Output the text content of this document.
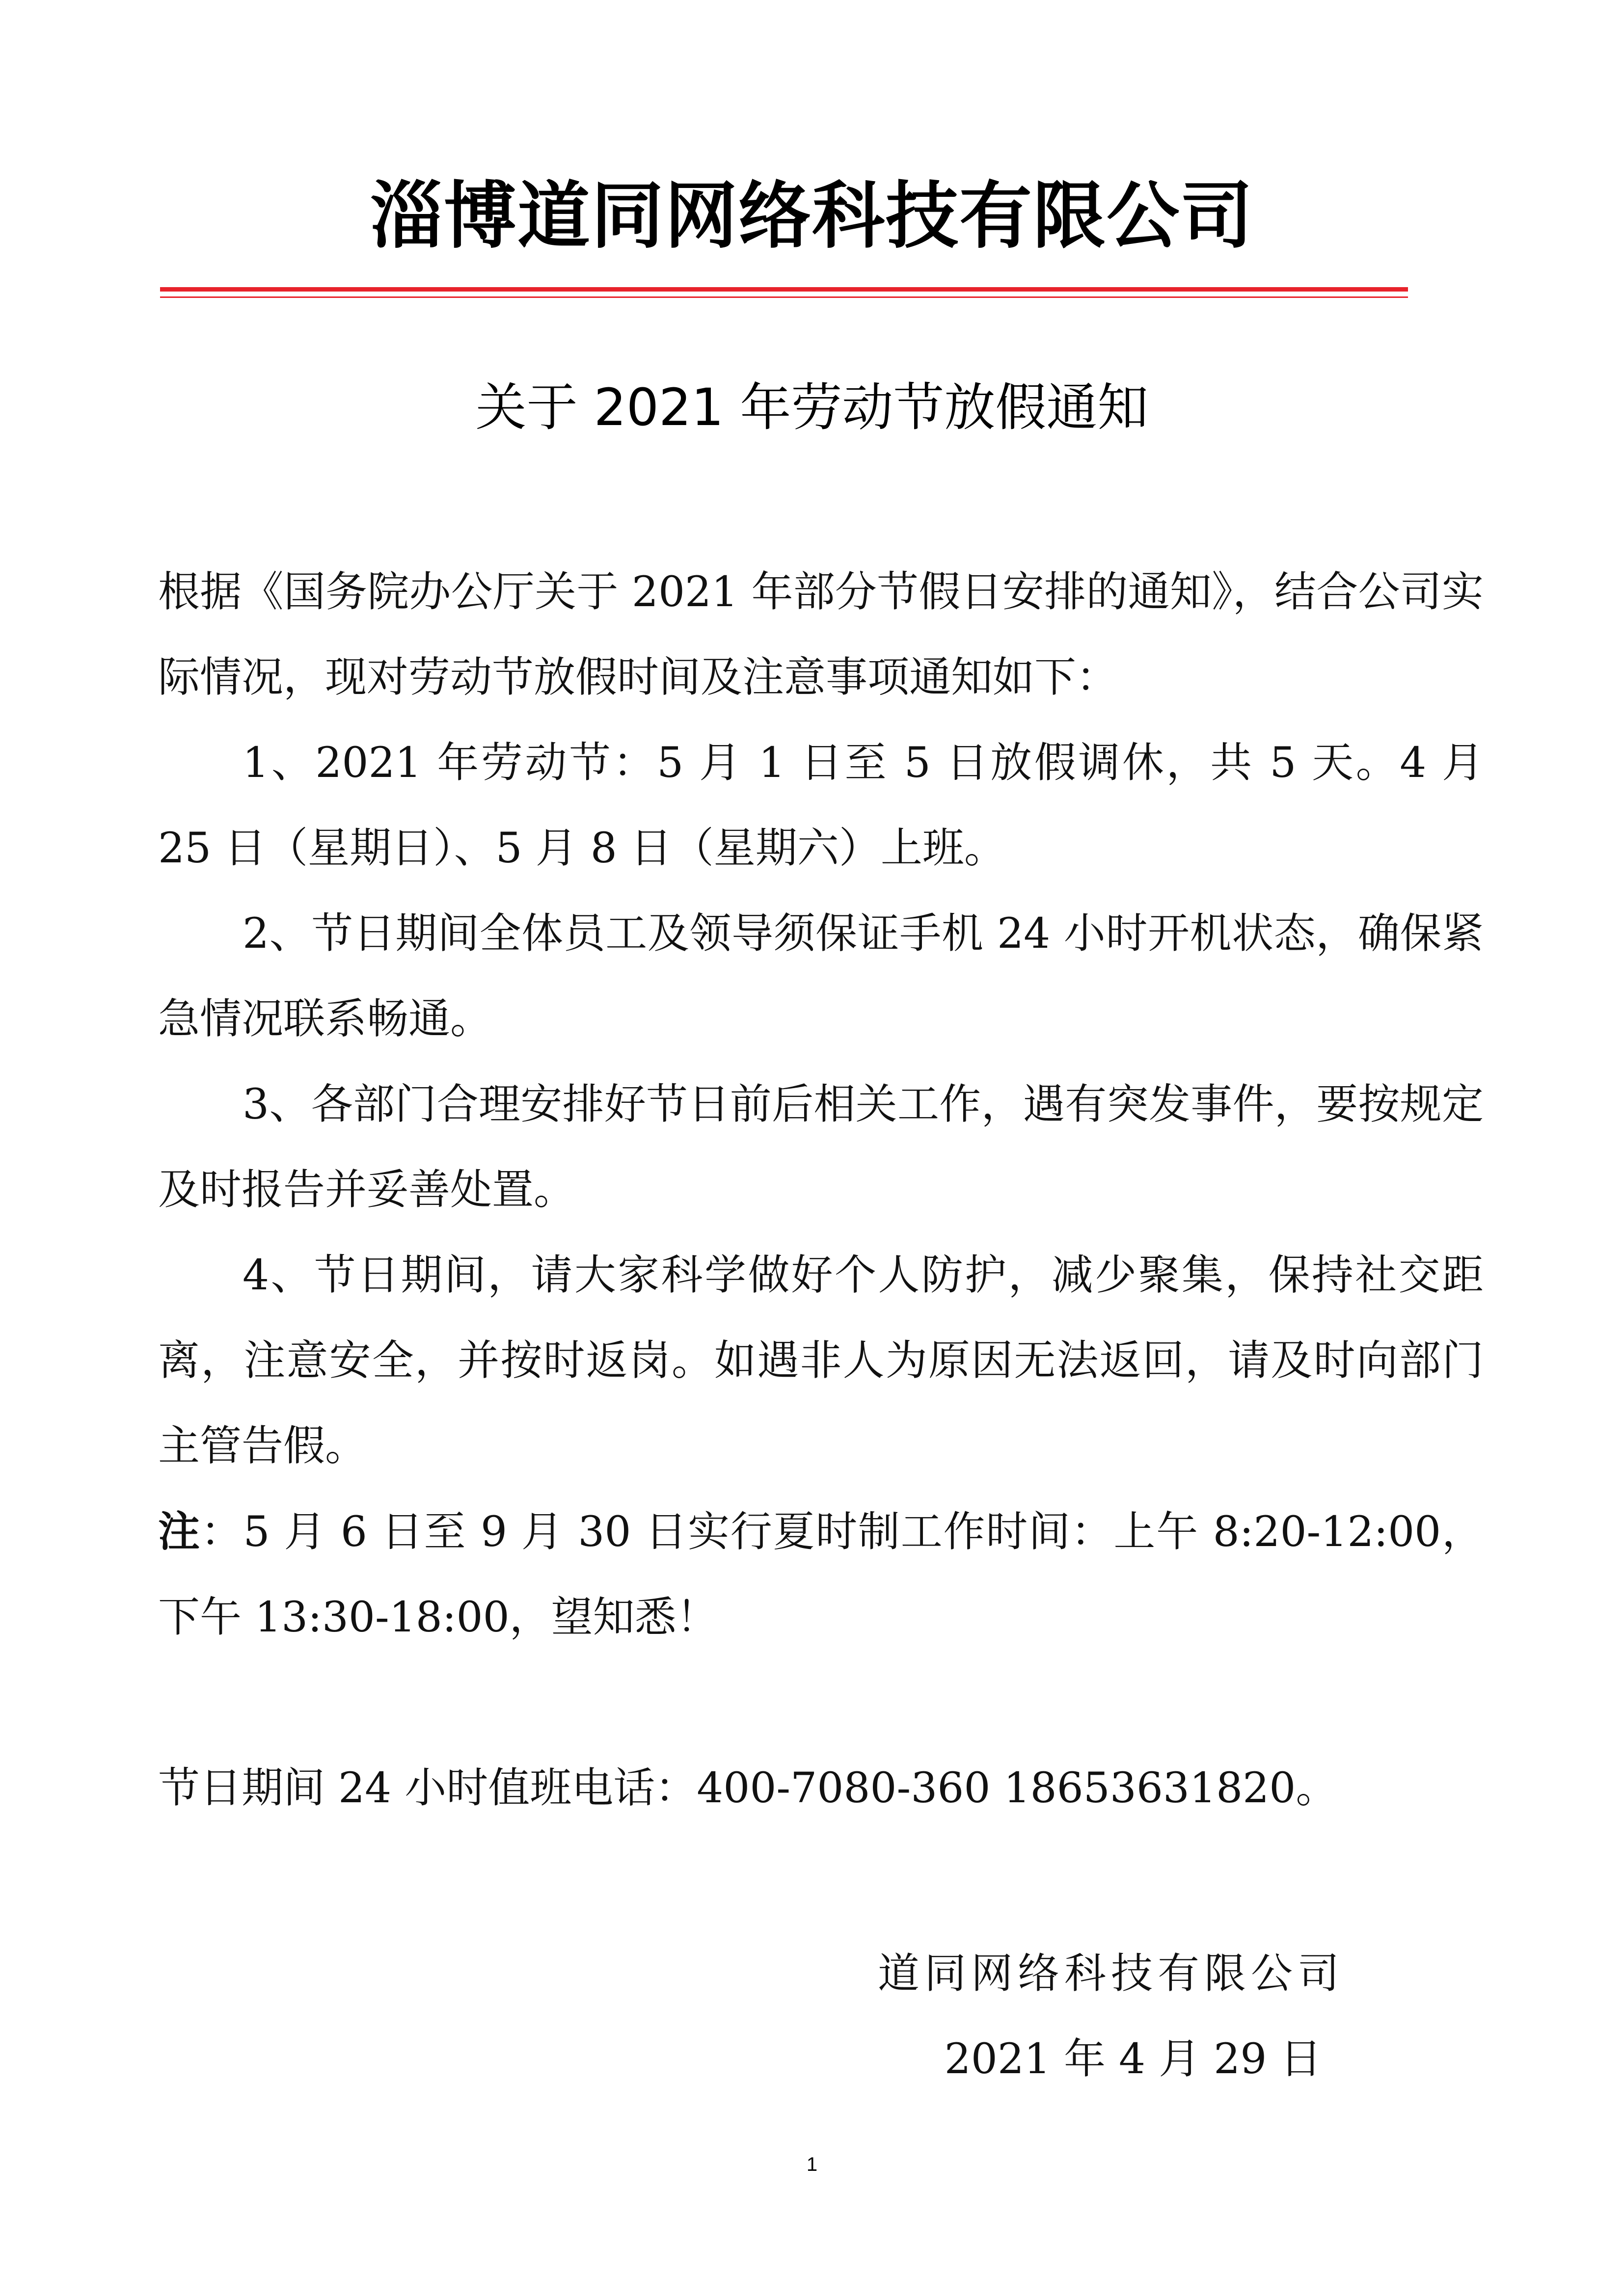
淄博道同网络科技有限公司
关于 2021 年劳动节放假通知

根据《国务院办公厅关于 2021 年部分节假日安排的通知》，结合公司实际情况，现对劳动节放假时间及注意事项通知如下：

1、2021 年劳动节：5 月 1 日至 5 日放假调休，共 5 天。4 月 25 日（星期日）、5 月 8 日（星期六）上班。

2、节日期间全体员工及领导须保证手机 24 小时开机状态，确保紧急情况联系畅通。

3、各部门合理安排好节日前后相关工作，遇有突发事件，要按规定及时报告并妥善处置。

4、节日期间，请大家科学做好个人防护，减少聚集，保持社交距离，注意安全，并按时返岗。如遇非人为原因无法返回，请及时向部门主管告假。

注：5 月 6 日至 9 月 30 日实行夏时制工作时间：上午 8:20-12:00，下午 13:30-18:00，望知悉！

节日期间 24 小时值班电话：400-7080-360 18653631820。

道同网络科技有限公司
2021 年 4 月 29 日
1
